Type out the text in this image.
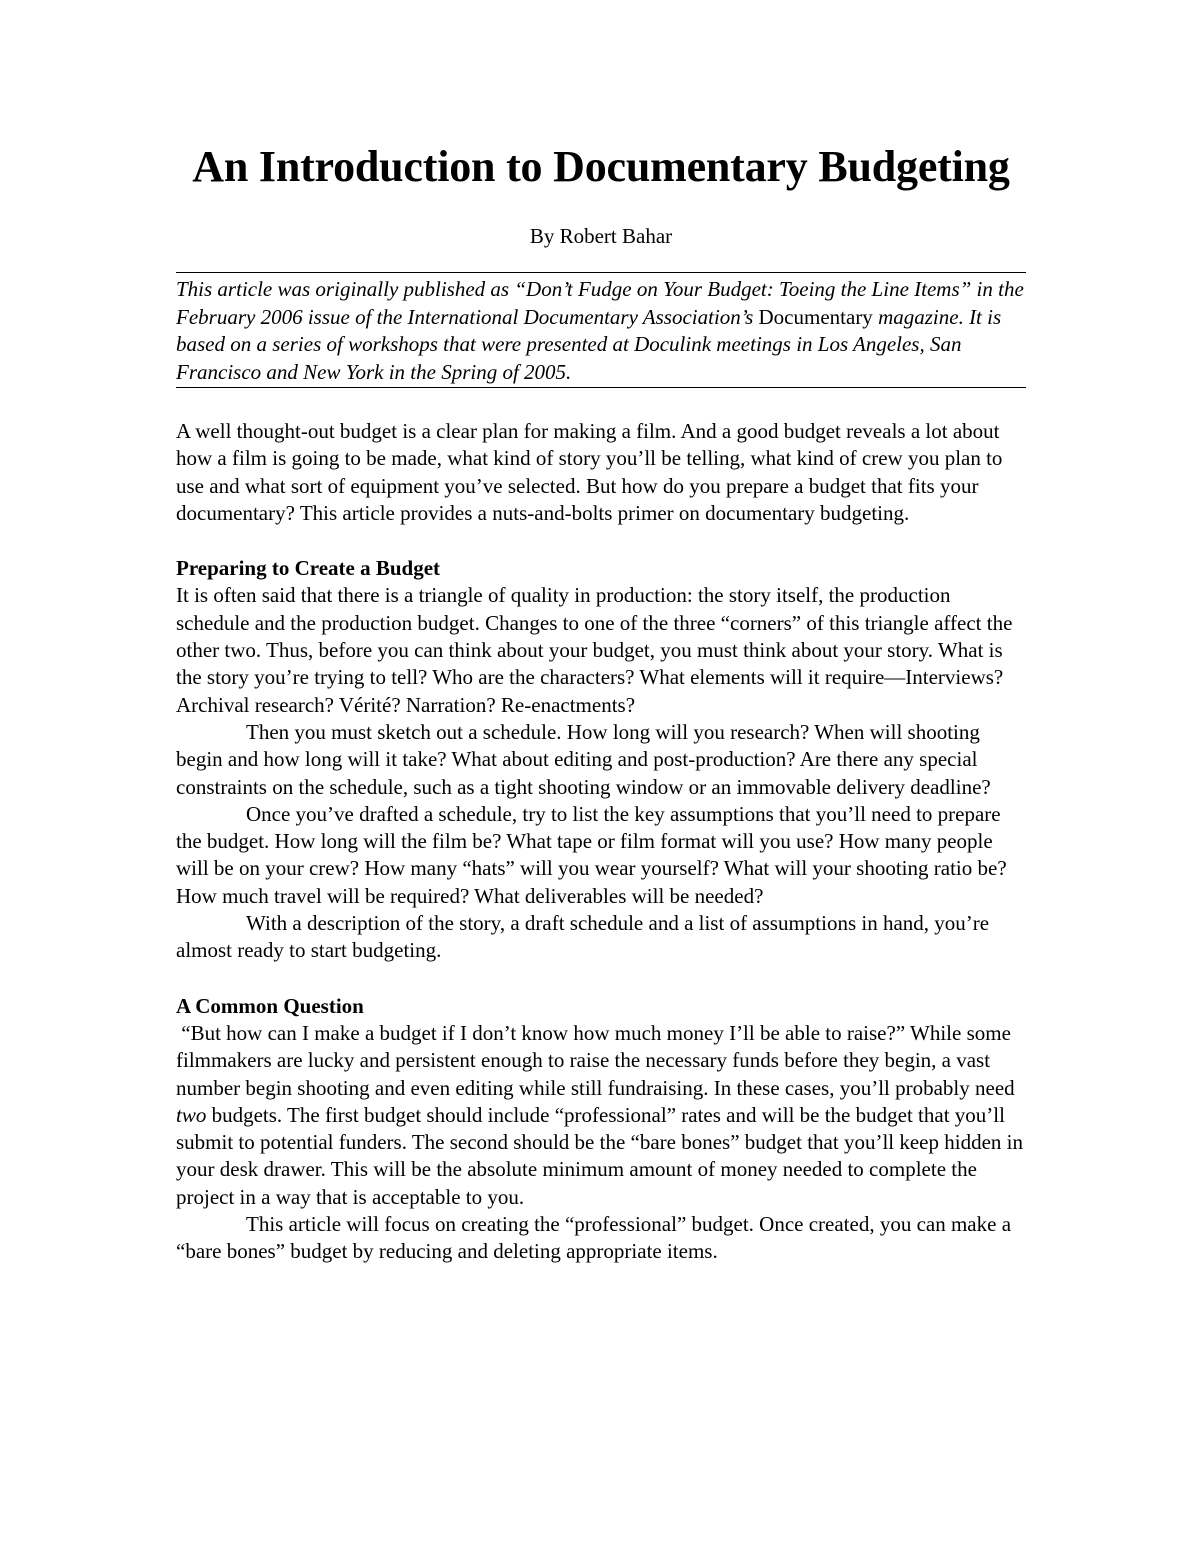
An Introduction to Documentary Budgeting
By Robert Bahar
This article was originally published as “Don’t Fudge on Your Budget: Toeing the Line Items” in the February 2006 issue of the International Documentary Association’s Documentary magazine. It is based on a series of workshops that were presented at Doculink meetings in Los Angeles, San Francisco and New York in the Spring of 2005.

A well thought-out budget is a clear plan for making a film. And a good budget reveals a lot about how a film is going to be made, what kind of story you’ll be telling, what kind of crew you plan to use and what sort of equipment you’ve selected. But how do you prepare a budget that fits your documentary? This article provides a nuts-and-bolts primer on documentary budgeting.

Preparing to Create a Budget

It is often said that there is a triangle of quality in production: the story itself, the production schedule and the production budget. Changes to one of the three “corners” of this triangle affect the other two. Thus, before you can think about your budget, you must think about your story. What is the story you’re trying to tell? Who are the characters? What elements will it require—Interviews? Archival research? Vérité? Narration? Re-enactments?

Then you must sketch out a schedule. How long will you research? When will shooting begin and how long will it take? What about editing and post-production? Are there any special constraints on the schedule, such as a tight shooting window or an immovable delivery deadline?

Once you’ve drafted a schedule, try to list the key assumptions that you’ll need to prepare the budget. How long will the film be? What tape or film format will you use? How many people will be on your crew? How many “hats” will you wear yourself? What will your shooting ratio be? How much travel will be required? What deliverables will be needed?

With a description of the story, a draft schedule and a list of assumptions in hand, you’re almost ready to start budgeting.

A Common Question

“But how can I make a budget if I don’t know how much money I’ll be able to raise?” While some filmmakers are lucky and persistent enough to raise the necessary funds before they begin, a vast number begin shooting and even editing while still fundraising. In these cases, you’ll probably need two budgets. The first budget should include “professional” rates and will be the budget that you’ll submit to potential funders. The second should be the “bare bones” budget that you’ll keep hidden in your desk drawer. This will be the absolute minimum amount of money needed to complete the project in a way that is acceptable to you.

This article will focus on creating the “professional” budget. Once created, you can make a “bare bones” budget by reducing and deleting appropriate items.
